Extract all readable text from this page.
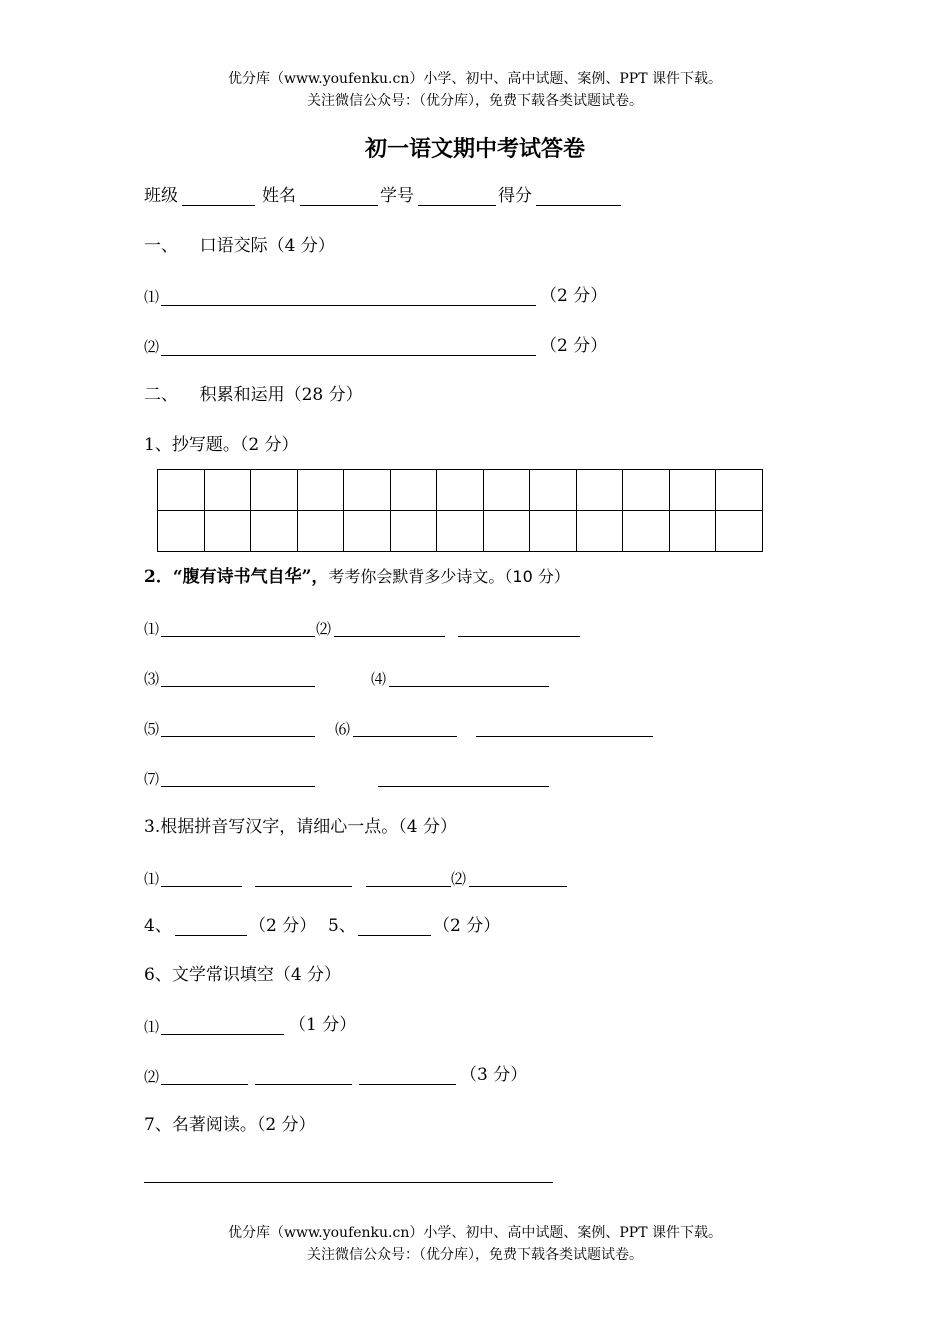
优分库（www.youfenku.cn）小学、初中、高中试题、案例、PPT 课件下载。
关注微信公众号：（优分库），免费下载各类试题试卷。
初一语文期中考试答卷
班级	姓名	学号	得分
一、    口语交际（4 分）
⑴	（2 分）
⑵	（2 分）
二、    积累和运用（28 分）
1、抄写题。（2 分）

2．“腹有诗书气自华”，考考你会默背多少诗文。（10 分）
⑴	⑵
⑶	⑷
⑸	⑹
⑺
3.根据拼音写汉字，请细心一点。（4 分）
⑴	⑵
4、	（2 分） 5、	（2 分）
6、文学常识填空（4 分）
⑴	（1 分）
⑵	（3 分）
7、名著阅读。（2 分）
优分库（www.youfenku.cn）小学、初中、高中试题、案例、PPT 课件下载。
关注微信公众号：（优分库），免费下载各类试题试卷。
